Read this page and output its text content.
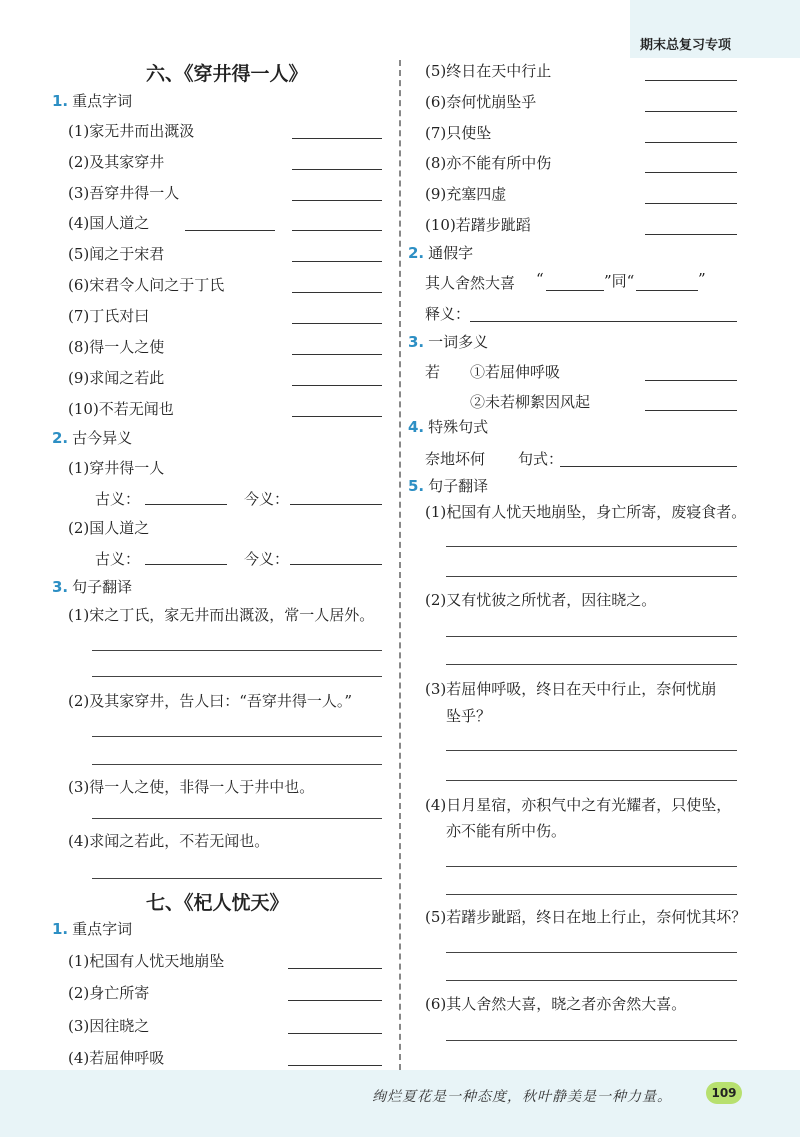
期末总复习专项
六、《穿井得一人》
1. 重点字词
(1)家无井而出溉汲
(2)及其家穿井
(3)吾穿井得一人
(4)国人道之
(5)闻之于宋君
(6)宋君令人问之于丁氏
(7)丁氏对曰
(8)得一人之使
(9)求闻之若此
(10)不若无闻也
2. 古今异义
(1)穿井得一人
古义：	今义：
(2)国人道之
古义：	今义：
3. 句子翻译
(1)宋之丁氏，家无井而出溉汲，常一人居外。
(2)及其家穿井，告人曰：“吾穿井得一人。”
(3)得一人之使，非得一人于井中也。
(4)求闻之若此，不若无闻也。
七、《杞人忧天》
1. 重点字词
(1)杞国有人忧天地崩坠
(2)身亡所寄
(3)因往晓之
(4)若屈伸呼吸
(5)终日在天中行止
(6)奈何忧崩坠乎
(7)只使坠
(8)亦不能有所中伤
(9)充塞四虚
(10)若躇步跐蹈
2. 通假字
其人舍然大喜 “	”同“	”
释义：
3. 一词多义
若 ①若屈伸呼吸
②未若柳絮因风起
4. 特殊句式
奈地坏何 句式：
5. 句子翻译
(1)杞国有人忧天地崩坠，身亡所寄，废寝食者。
(2)又有忧彼之所忧者，因往晓之。
(3)若屈伸呼吸，终日在天中行止，奈何忧崩
坠乎？
(4)日月星宿，亦积气中之有光耀者，只使坠，
亦不能有所中伤。
(5)若躇步跐蹈，终日在地上行止，奈何忧其坏？
(6)其人舍然大喜，晓之者亦舍然大喜。
绚烂夏花是一种态度，秋叶静美是一种力量。	109
